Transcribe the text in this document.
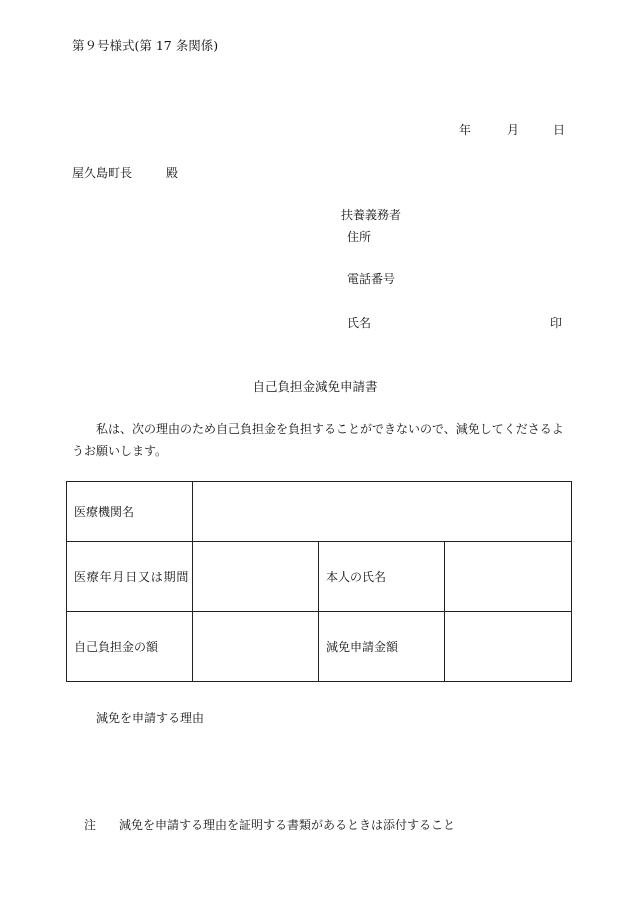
第９号様式(第 17 条関係)
年	月	日
屋久島町長	殿
扶養義務者
住所
電話番号
氏名	印
自己負担金減免申請書
私は、次の理由のため自己負担金を負担することができないので、減免してくださるようお願いします。
医療機関名			
医療年月日又は期間		本人の氏名	
自己負担金の額		減免申請金額	
減免を申請する理由
注 減免を申請する理由を証明する書類があるときは添付すること
